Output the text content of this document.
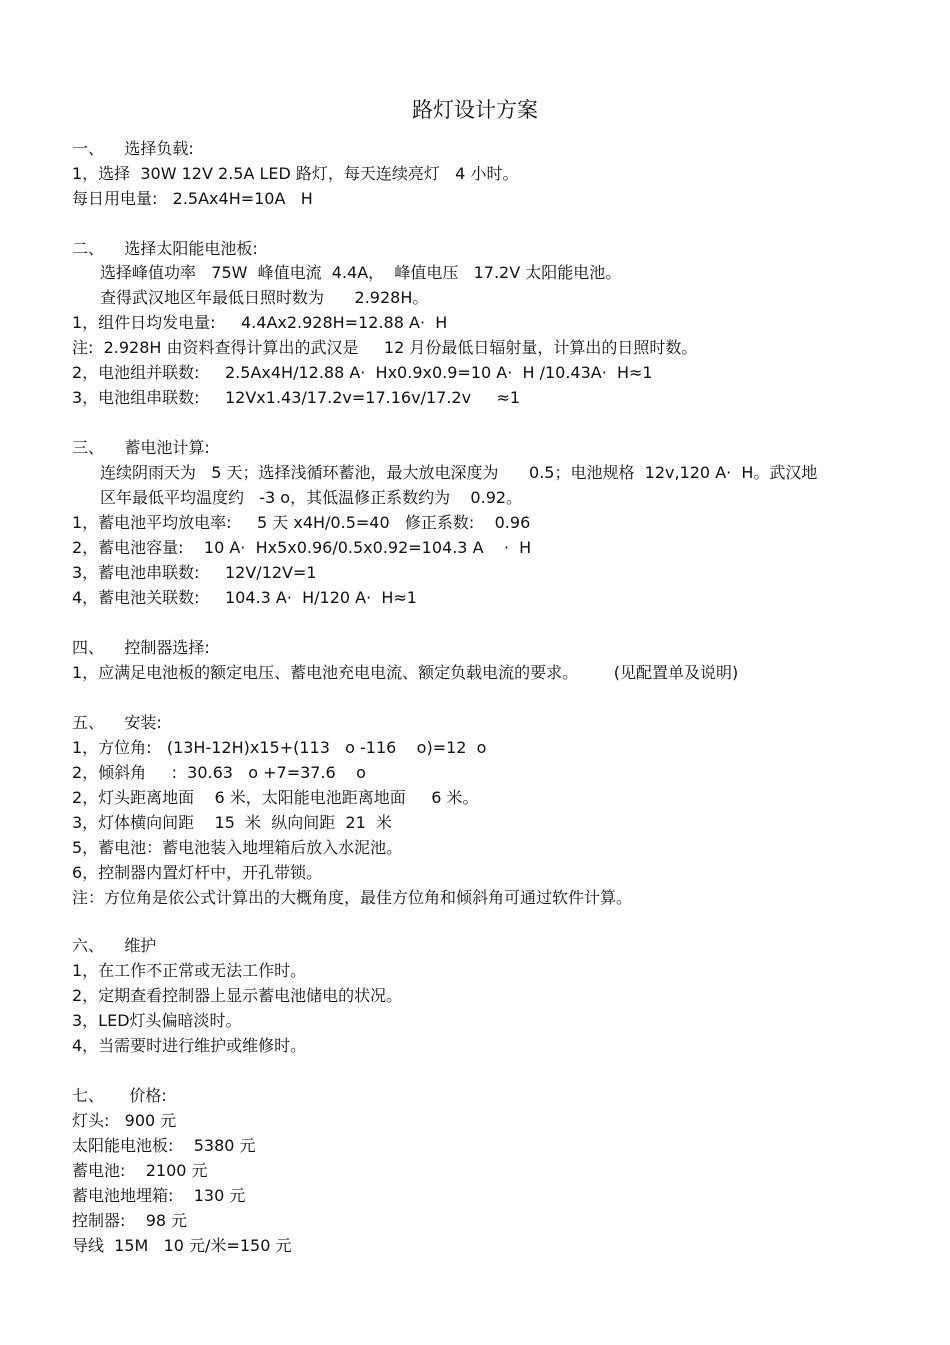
路灯设计方案
一、    选择负载:
1，选择  30W 12V 2.5A LED 路灯，每天连续亮灯   4 小时。
每日用电量:   2.5Ax4H=10A   H
二、    选择太阳能电池板:
选择峰值功率   75W  峰值电流  4.4A，  峰值电压   17.2V 太阳能电池。
查得武汉地区年最低日照时数为      2.928H。
1，组件日均发电量:     4.4Ax2.928H=12.88 A·  H
注:  2.928H 由资料查得计算出的武汉是     12 月份最低日辐射量，计算出的日照时数。
2，电池组并联数:     2.5Ax4H/12.88 A·  Hx0.9x0.9=10 A·  H /10.43A·  H≈1
3，电池组串联数:     12Vx1.43/17.2v=17.16v/17.2v     ≈1
三、    蓄电池计算:
连续阴雨天为   5 天；选择浅循环蓄池，最大放电深度为      0.5；电池规格  12v,120 A·  H。武汉地
区年最低平均温度约   -3 o，其低温修正系数约为    0.92。
1，蓄电池平均放电率:     5 天 x4H/0.5=40   修正系数:    0.96
2，蓄电池容量:    10 A·  Hx5x0.96/0.5x0.92=104.3 A    ·  H
3，蓄电池串联数:     12V/12V=1
4，蓄电池关联数:     104.3 A·  H/120 A·  H≈1
四、    控制器选择:
1，应满足电池板的额定电压、蓄电池充电电流、额定负载电流的要求。       (见配置单及说明)
五、    安装:
1，方位角:   (13H-12H)x15+(113   o -116    o)=12  o
2，倾斜角     :  30.63   o +7=37.6    o
2，灯头距离地面    6 米，太阳能电池距离地面     6 米。
3，灯体横向间距    15  米  纵向间距  21  米
5，蓄电池：蓄电池装入地埋箱后放入水泥池。
6，控制器内置灯杆中，开孔带锁。
注：方位角是依公式计算出的大概角度，最佳方位角和倾斜角可通过软件计算。
六、    维护
1，在工作不正常或无法工作时。
2，定期查看控制器上显示蓄电池储电的状况。
3，LED灯头偏暗淡时。
4，当需要时进行维护或维修时。
七、     价格:
灯头:   900 元
太阳能电池板:    5380 元
蓄电池:    2100 元
蓄电池地埋箱:    130 元
控制器:    98 元
导线  15M   10 元/米=150 元
